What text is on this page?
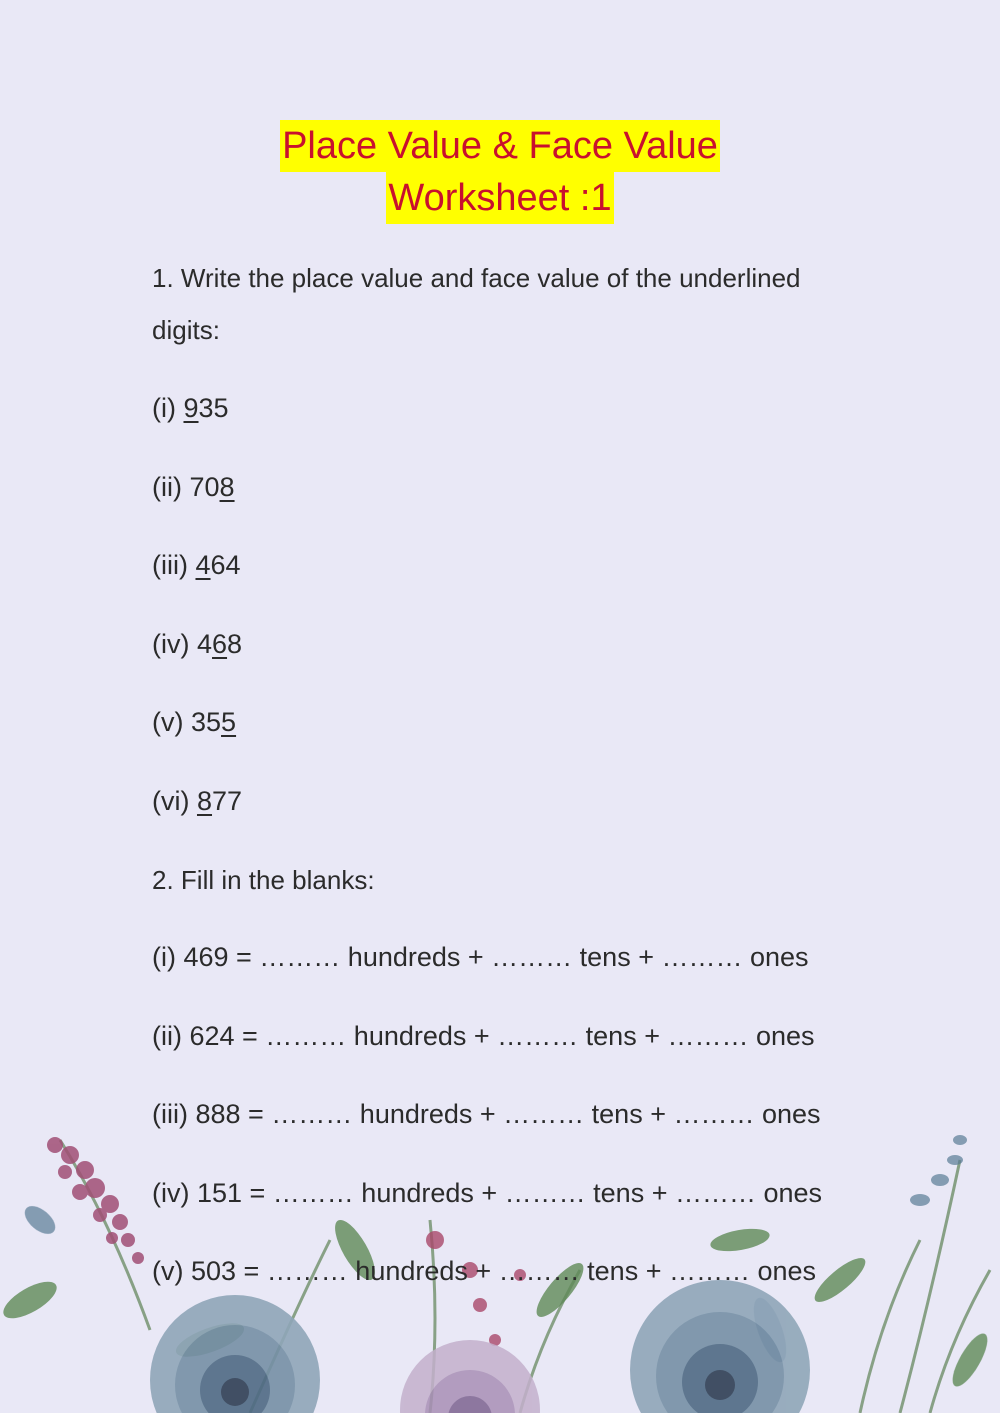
Place Value & Face Value
Worksheet :1
1. Write the place value and face value of the underlined
digits:
(i) 935
(ii) 708
(iii) 464
(iv) 468
(v) 355
(vi) 877
2. Fill in the blanks:
(i) 469 = ……… hundreds + ……… tens + ……… ones
(ii) 624 = ……… hundreds + ……… tens + ……… ones
(iii) 888 = ……… hundreds + ……… tens + ……… ones
(iv) 151 = ……… hundreds + ……… tens + ……… ones
(v) 503 = ……… hundreds + ……… tens + ……… ones
